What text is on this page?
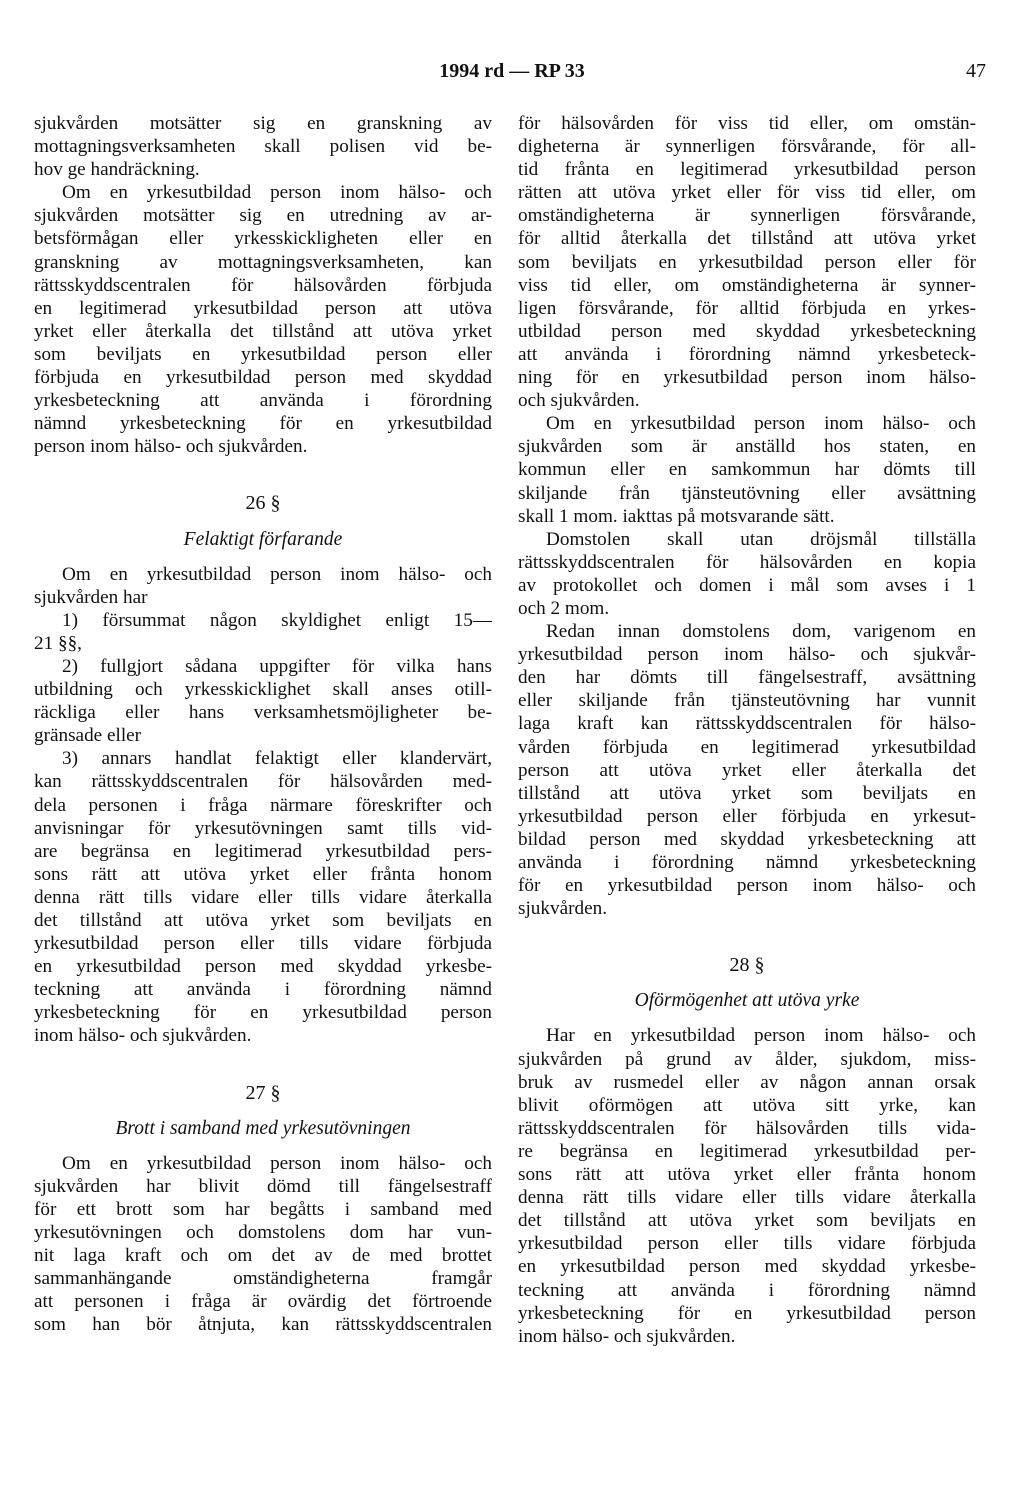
1994 rd — RP 33	47
sjukvården motsätter sig en granskning av
mottagningsverksamheten skall polisen vid be-
hov ge handräckning.
Om en yrkesutbildad person inom hälso- och
sjukvården motsätter sig en utredning av ar-
betsförmågan eller yrkesskickligheten eller en
granskning av mottagningsverksamheten, kan
rättsskyddscentralen för hälsovården förbjuda
en legitimerad yrkesutbildad person att utöva
yrket eller återkalla det tillstånd att utöva yrket
som beviljats en yrkesutbildad person eller
förbjuda en yrkesutbildad person med skyddad
yrkesbeteckning att använda i förordning
nämnd yrkesbeteckning för en yrkesutbildad
person inom hälso- och sjukvården.
26 §
Felaktigt förfarande
Om en yrkesutbildad person inom hälso- och
sjukvården har
1) försummat någon skyldighet enligt 15—
21 §§,
2) fullgjort sådana uppgifter för vilka hans
utbildning och yrkesskicklighet skall anses otill-
räckliga eller hans verksamhetsmöjligheter be-
gränsade eller
3) annars handlat felaktigt eller klandervärt,
kan rättsskyddscentralen för hälsovården med-
dela personen i fråga närmare föreskrifter och
anvisningar för yrkesutövningen samt tills vid-
are begränsa en legitimerad yrkesutbildad pers-
sons rätt att utöva yrket eller frånta honom
denna rätt tills vidare eller tills vidare återkalla
det tillstånd att utöva yrket som beviljats en
yrkesutbildad person eller tills vidare förbjuda
en yrkesutbildad person med skyddad yrkesbe-
teckning att använda i förordning nämnd
yrkesbeteckning för en yrkesutbildad person
inom hälso- och sjukvården.
27 §
Brott i samband med yrkesutövningen
Om en yrkesutbildad person inom hälso- och
sjukvården har blivit dömd till fängelsestraff
för ett brott som har begåtts i samband med
yrkesutövningen och domstolens dom har vun-
nit laga kraft och om det av de med brottet
sammanhängande omständigheterna framgår
att personen i fråga är ovärdig det förtroende
som han bör åtnjuta, kan rättsskyddscentralen
för hälsovården för viss tid eller, om omstän-
digheterna är synnerligen försvårande, för all-
tid frånta en legitimerad yrkesutbildad person
rätten att utöva yrket eller för viss tid eller, om
omständigheterna är synnerligen försvårande,
för alltid återkalla det tillstånd att utöva yrket
som beviljats en yrkesutbildad person eller för
viss tid eller, om omständigheterna är synner-
ligen försvårande, för alltid förbjuda en yrkes-
utbildad person med skyddad yrkesbeteckning
att använda i förordning nämnd yrkesbeteck-
ning för en yrkesutbildad person inom hälso-
och sjukvården.
Om en yrkesutbildad person inom hälso- och
sjukvården som är anställd hos staten, en
kommun eller en samkommun har dömts till
skiljande från tjänsteutövning eller avsättning
skall 1 mom. iakttas på motsvarande sätt.
Domstolen skall utan dröjsmål tillställa
rättsskyddscentralen för hälsovården en kopia
av protokollet och domen i mål som avses i 1
och 2 mom.
Redan innan domstolens dom, varigenom en
yrkesutbildad person inom hälso- och sjukvår-
den har dömts till fängelsestraff, avsättning
eller skiljande från tjänsteutövning har vunnit
laga kraft kan rättsskyddscentralen för hälso-
vården förbjuda en legitimerad yrkesutbildad
person att utöva yrket eller återkalla det
tillstånd att utöva yrket som beviljats en
yrkesutbildad person eller förbjuda en yrkesut-
bildad person med skyddad yrkesbeteckning att
använda i förordning nämnd yrkesbeteckning
för en yrkesutbildad person inom hälso- och
sjukvården.
28 §
Oförmögenhet att utöva yrke
Har en yrkesutbildad person inom hälso- och
sjukvården på grund av ålder, sjukdom, miss-
bruk av rusmedel eller av någon annan orsak
blivit oförmögen att utöva sitt yrke, kan
rättsskyddscentralen för hälsovården tills vida-
re begränsa en legitimerad yrkesutbildad per-
sons rätt att utöva yrket eller frånta honom
denna rätt tills vidare eller tills vidare återkalla
det tillstånd att utöva yrket som beviljats en
yrkesutbildad person eller tills vidare förbjuda
en yrkesutbildad person med skyddad yrkesbe-
teckning att använda i förordning nämnd
yrkesbeteckning för en yrkesutbildad person
inom hälso- och sjukvården.
